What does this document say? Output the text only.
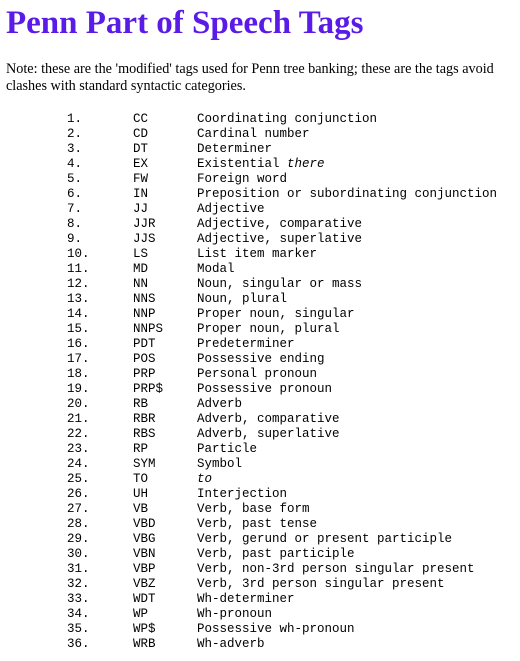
Penn Part of Speech Tags

Note: these are the 'modified' tags used for Penn tree banking; these are the tags avoid clashes with standard syntactic categories.

1.	CC	Coordinating conjunction
2.	CD	Cardinal number
3.	DT	Determiner
4.	EX	Existential there
5.	FW	Foreign word
6.	IN	Preposition or subordinating conjunction
7.	JJ	Adjective
8.	JJR	Adjective, comparative
9.	JJS	Adjective, superlative
10.	LS	List item marker
11.	MD	Modal
12.	NN	Noun, singular or mass
13.	NNS	Noun, plural
14.	NNP	Proper noun, singular
15.	NNPS	Proper noun, plural
16.	PDT	Predeterminer
17.	POS	Possessive ending
18.	PRP	Personal pronoun
19.	PRP$	Possessive pronoun
20.	RB	Adverb
21.	RBR	Adverb, comparative
22.	RBS	Adverb, superlative
23.	RP	Particle
24.	SYM	Symbol
25.	TO	to
26.	UH	Interjection
27.	VB	Verb, base form
28.	VBD	Verb, past tense
29.	VBG	Verb, gerund or present participle
30.	VBN	Verb, past participle
31.	VBP	Verb, non-3rd person singular present
32.	VBZ	Verb, 3rd person singular present
33.	WDT	Wh-determiner
34.	WP	Wh-pronoun
35.	WP$	Possessive wh-pronoun
36.	WRB	Wh-adverb
